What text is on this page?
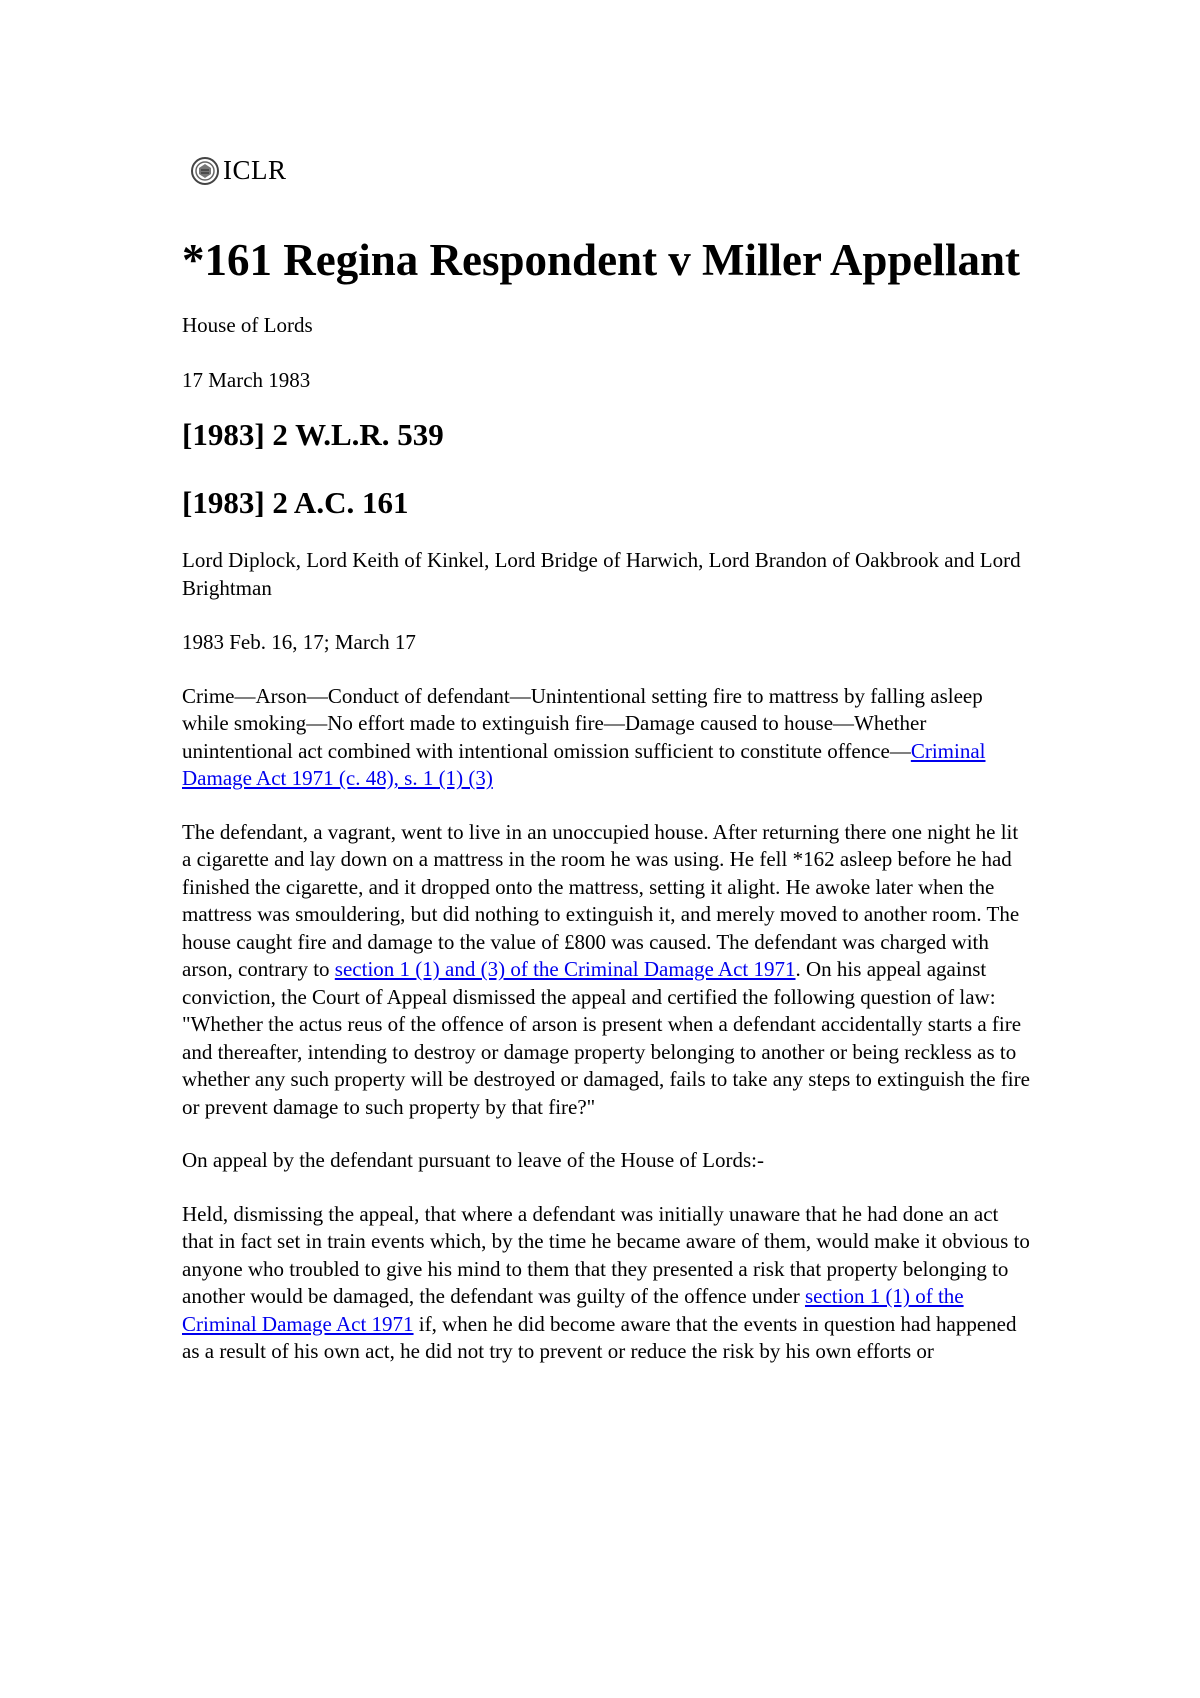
ICLR
*161 Regina Respondent v Miller Appellant

House of Lords

17 March 1983

[1983] 2 W.L.R. 539
[1983] 2 A.C. 161

Lord Diplock, Lord Keith of Kinkel, Lord Bridge of Harwich, Lord Brandon of Oakbrook and Lord Brightman

1983 Feb. 16, 17; March 17

Crime—Arson—Conduct of defendant—Unintentional setting fire to mattress by falling asleep while smoking—No effort made to extinguish fire—Damage caused to house—Whether unintentional act combined with intentional omission sufficient to constitute offence—Criminal Damage Act 1971 (c. 48), s. 1 (1) (3)

The defendant, a vagrant, went to live in an unoccupied house. After returning there one night he lit a cigarette and lay down on a mattress in the room he was using. He fell *162 asleep before he had finished the cigarette, and it dropped onto the mattress, setting it alight. He awoke later when the mattress was smouldering, but did nothing to extinguish it, and merely moved to another room. The house caught fire and damage to the value of £800 was caused. The defendant was charged with arson, contrary to section 1 (1) and (3) of the Criminal Damage Act 1971. On his appeal against conviction, the Court of Appeal dismissed the appeal and certified the following question of law: "Whether the actus reus of the offence of arson is present when a defendant accidentally starts a fire and thereafter, intending to destroy or damage property belonging to another or being reckless as to whether any such property will be destroyed or damaged, fails to take any steps to extinguish the fire or prevent damage to such property by that fire?"

On appeal by the defendant pursuant to leave of the House of Lords:-

Held, dismissing the appeal, that where a defendant was initially unaware that he had done an act that in fact set in train events which, by the time he became aware of them, would make it obvious to anyone who troubled to give his mind to them that they presented a risk that property belonging to another would be damaged, the defendant was guilty of the offence under section 1 (1) of the Criminal Damage Act 1971 if, when he did become aware that the events in question had happened as a result of his own act, he did not try to prevent or reduce the risk by his own efforts or
